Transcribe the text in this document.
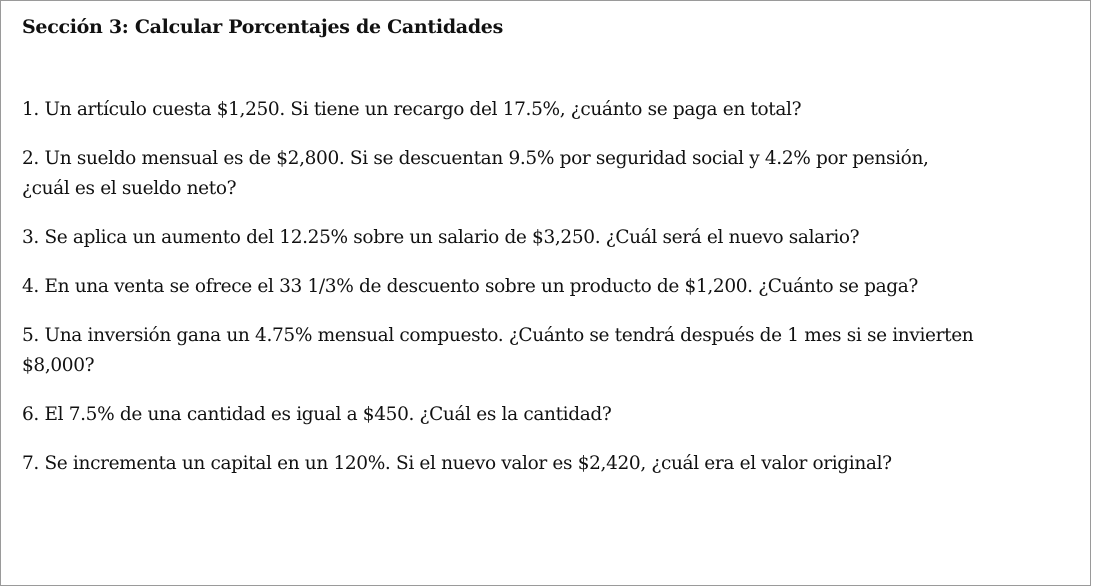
Sección 3: Calcular Porcentajes de Cantidades
1. Un artículo cuesta $1,250. Si tiene un recargo del 17.5%, ¿cuánto se paga en total?
2. Un sueldo mensual es de $2,800. Si se descuentan 9.5% por seguridad social y 4.2% por pensión, ¿cuál es el sueldo neto?
3. Se aplica un aumento del 12.25% sobre un salario de $3,250. ¿Cuál será el nuevo salario?
4. En una venta se ofrece el 33 1/3% de descuento sobre un producto de $1,200. ¿Cuánto se paga?
5. Una inversión gana un 4.75% mensual compuesto. ¿Cuánto se tendrá después de 1 mes si se invierten $8,000?
6. El 7.5% de una cantidad es igual a $450. ¿Cuál es la cantidad?
7. Se incrementa un capital en un 120%. Si el nuevo valor es $2,420, ¿cuál era el valor original?
